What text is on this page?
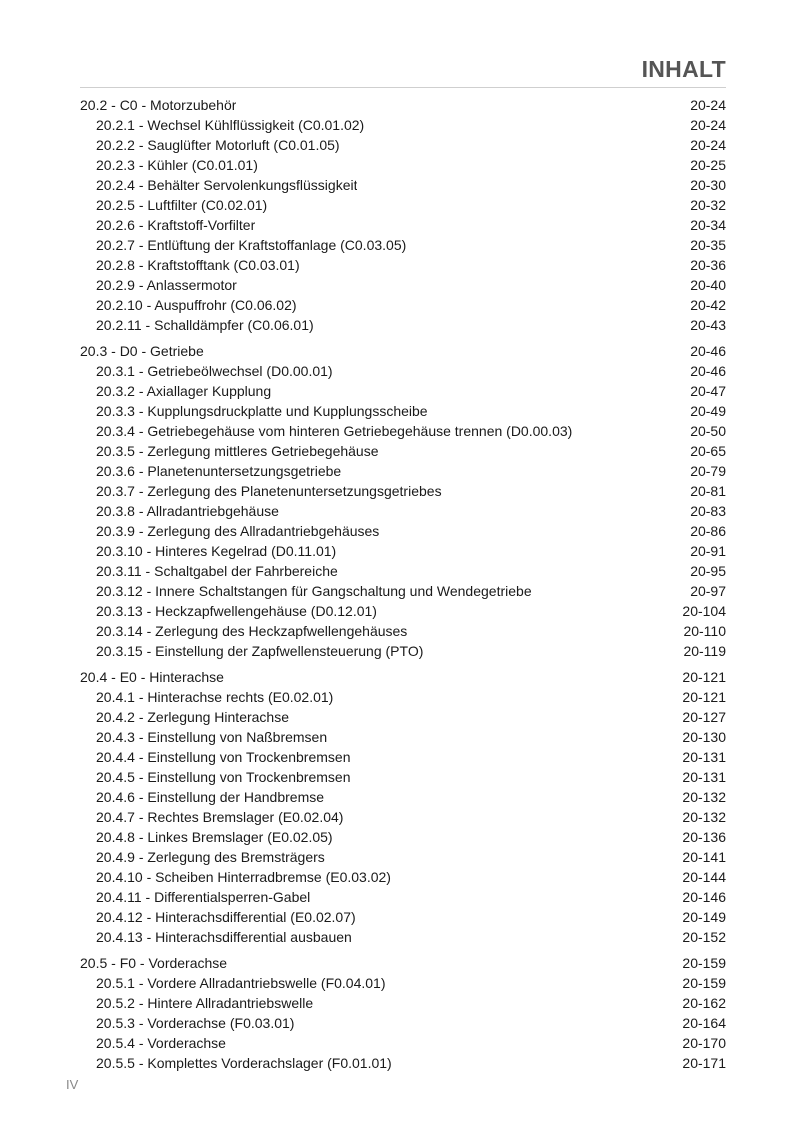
INHALT
20.2 - C0 - Motorzubehör	20-24
20.2.1 - Wechsel Kühlflüssigkeit (C0.01.02)	20-24
20.2.2 - Sauglüfter Motorluft (C0.01.05)	20-24
20.2.3 - Kühler (C0.01.01)	20-25
20.2.4 - Behälter Servolenkungsflüssigkeit	20-30
20.2.5 - Luftfilter (C0.02.01)	20-32
20.2.6 - Kraftstoff-Vorfilter	20-34
20.2.7 - Entlüftung der Kraftstoffanlage (C0.03.05)	20-35
20.2.8 - Kraftstofftank (C0.03.01)	20-36
20.2.9 - Anlassermotor	20-40
20.2.10 - Auspuffrohr (C0.06.02)	20-42
20.2.11 - Schalldämpfer (C0.06.01)	20-43
20.3 - D0 - Getriebe	20-46
20.3.1 - Getriebeölwechsel (D0.00.01)	20-46
20.3.2 - Axiallager Kupplung	20-47
20.3.3 - Kupplungsdruckplatte und Kupplungsscheibe	20-49
20.3.4 - Getriebegehäuse vom hinteren Getriebegehäuse trennen (D0.00.03)	20-50
20.3.5 - Zerlegung mittleres Getriebegehäuse	20-65
20.3.6 - Planetenuntersetzungsgetriebe	20-79
20.3.7 - Zerlegung des Planetenuntersetzungsgetriebes	20-81
20.3.8 - Allradantriebgehäuse	20-83
20.3.9 - Zerlegung des Allradantriebgehäuses	20-86
20.3.10 - Hinteres Kegelrad (D0.11.01)	20-91
20.3.11 - Schaltgabel der Fahrbereiche	20-95
20.3.12 - Innere Schaltstangen für Gangschaltung und Wendegetriebe	20-97
20.3.13 - Heckzapfwellengehäuse (D0.12.01)	20-104
20.3.14 - Zerlegung des Heckzapfwellengehäuses	20-110
20.3.15 - Einstellung der Zapfwellensteuerung (PTO)	20-119
20.4 - E0 - Hinterachse	20-121
20.4.1 - Hinterachse rechts (E0.02.01)	20-121
20.4.2 - Zerlegung Hinterachse	20-127
20.4.3 - Einstellung von Naßbremsen	20-130
20.4.4 - Einstellung von Trockenbremsen	20-131
20.4.5 - Einstellung von Trockenbremsen	20-131
20.4.6 - Einstellung der Handbremse	20-132
20.4.7 - Rechtes Bremslager (E0.02.04)	20-132
20.4.8 - Linkes Bremslager (E0.02.05)	20-136
20.4.9 - Zerlegung des Bremsträgers	20-141
20.4.10 - Scheiben Hinterradbremse (E0.03.02)	20-144
20.4.11 - Differentialsperren-Gabel	20-146
20.4.12 - Hinterachsdifferential (E0.02.07)	20-149
20.4.13 - Hinterachsdifferential ausbauen	20-152
20.5 - F0 - Vorderachse	20-159
20.5.1 - Vordere Allradantriebswelle (F0.04.01)	20-159
20.5.2 - Hintere Allradantriebswelle	20-162
20.5.3 - Vorderachse (F0.03.01)	20-164
20.5.4 - Vorderachse	20-170
20.5.5 - Komplettes Vorderachslager (F0.01.01)	20-171
IV
